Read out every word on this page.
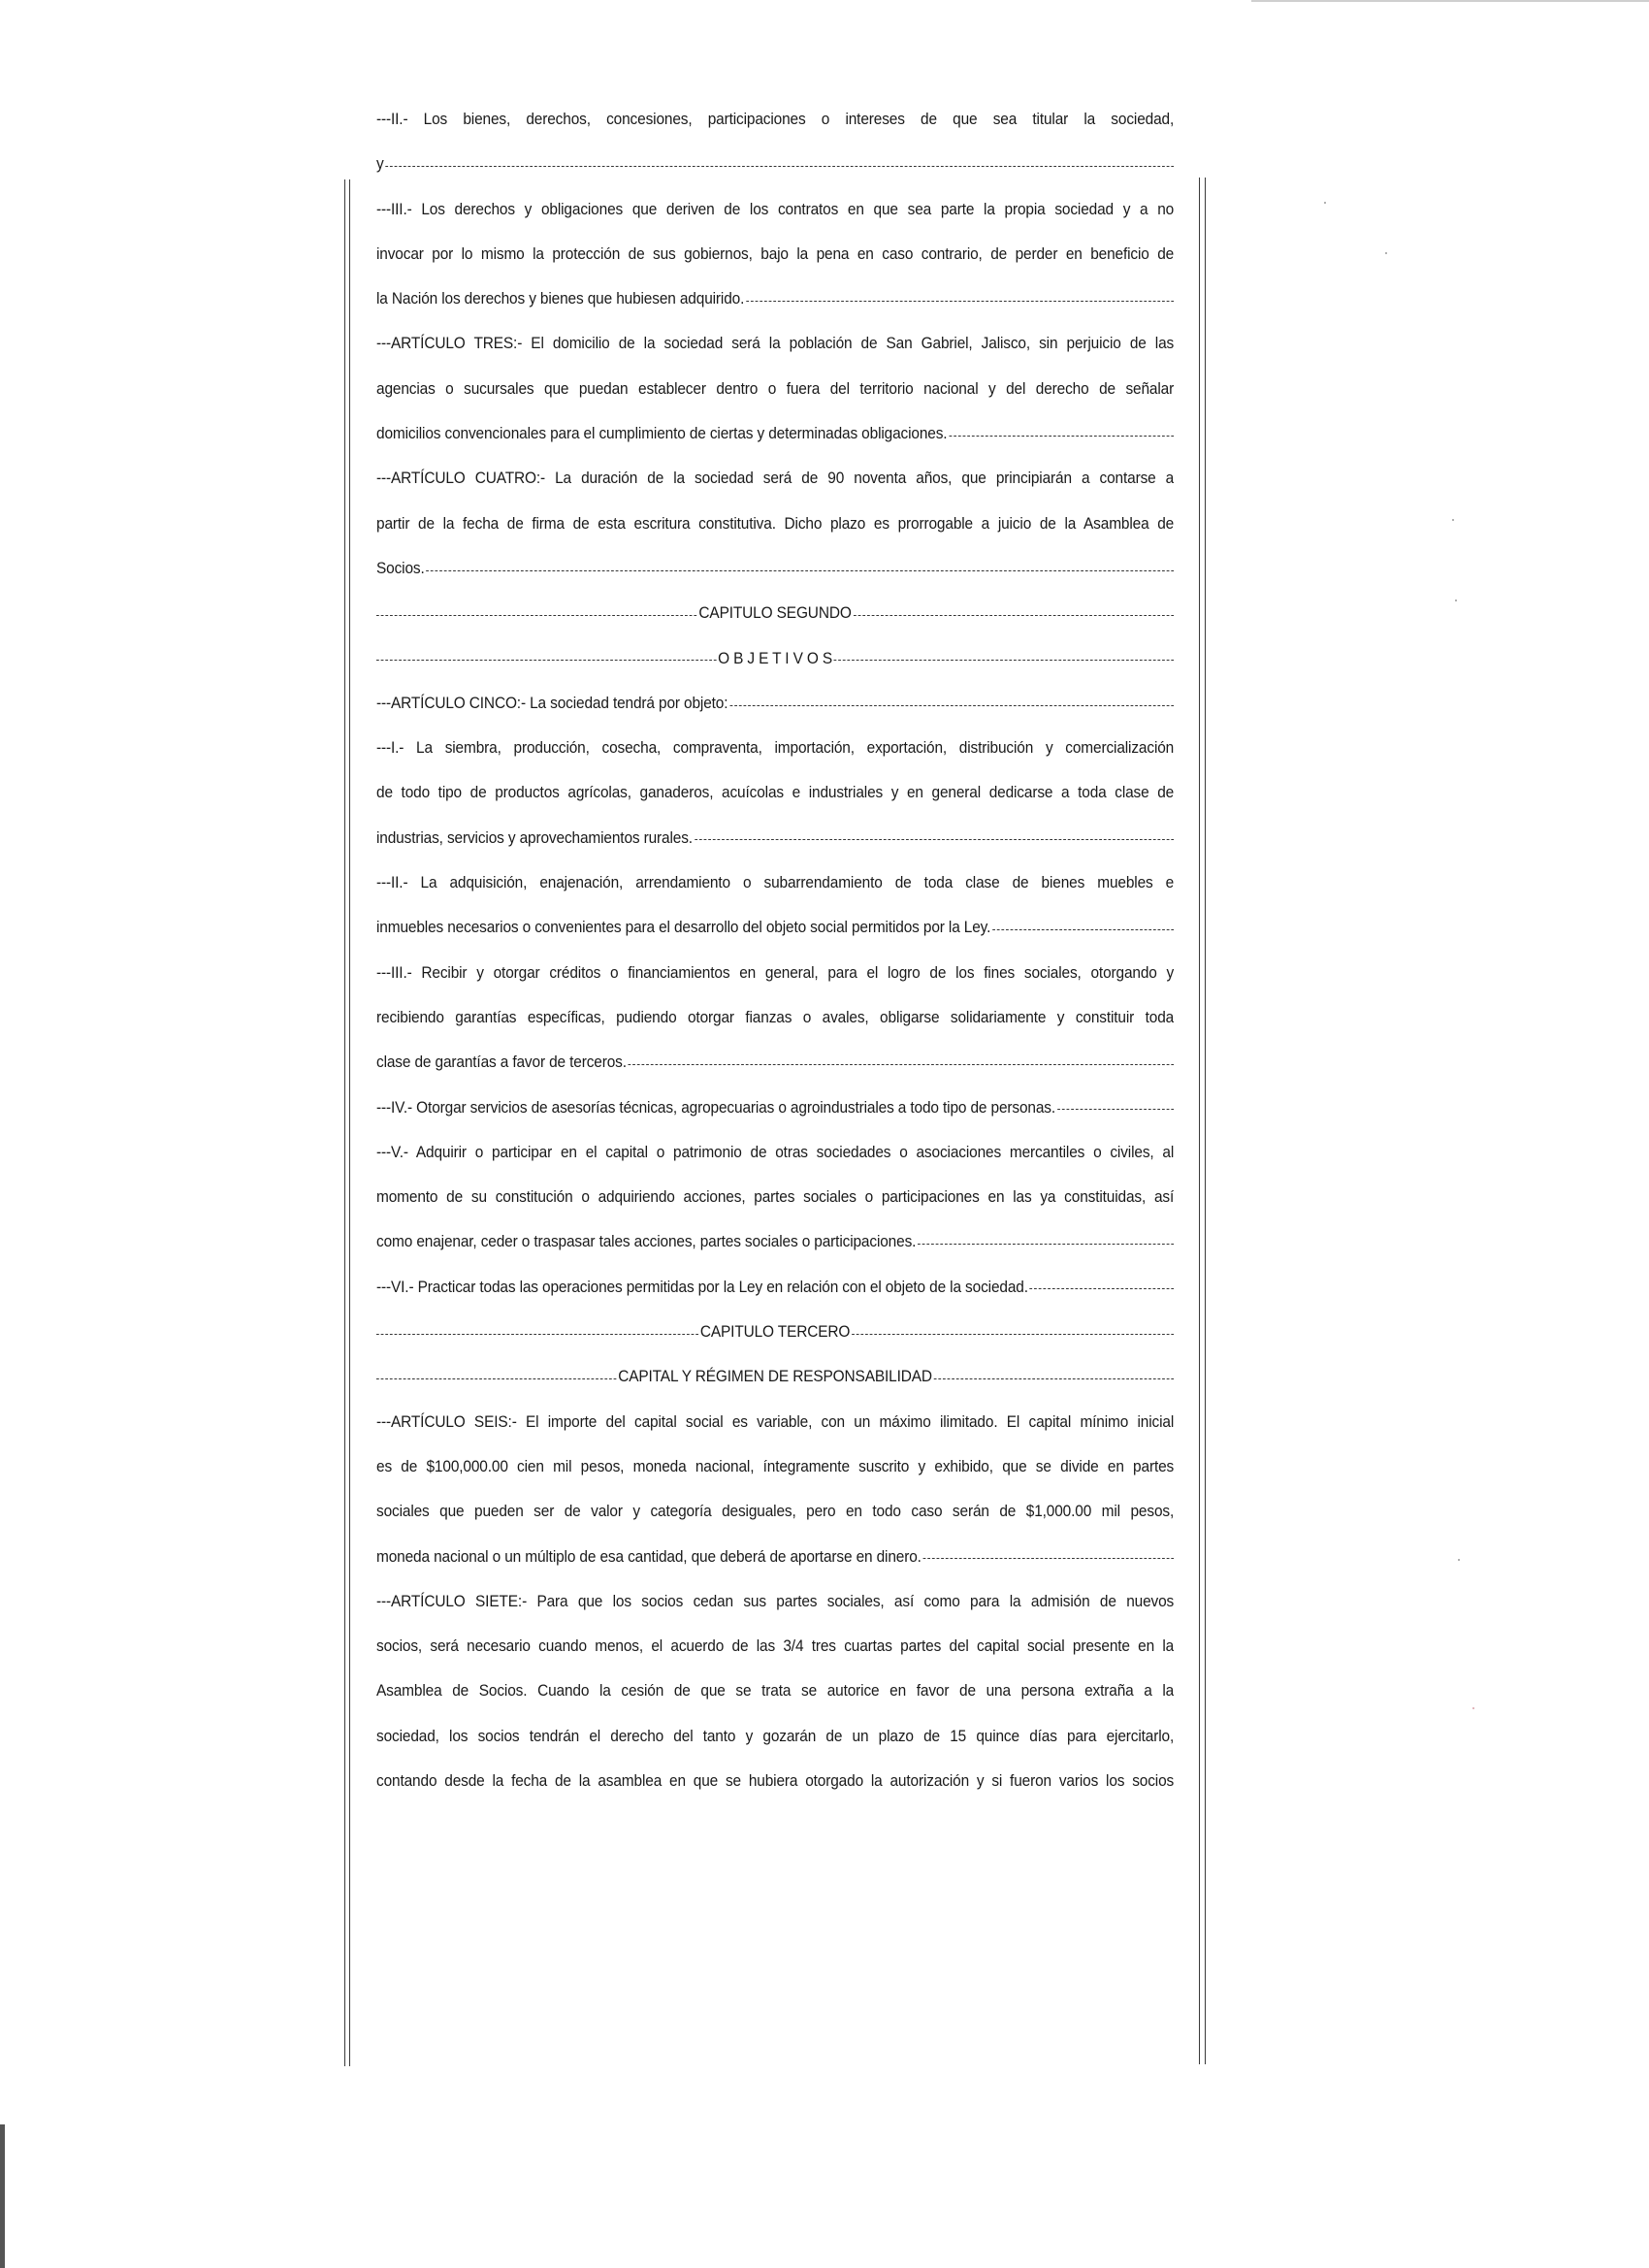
---II.- Los bienes, derechos, concesiones, participaciones o intereses de que sea titular la sociedad,
y
---III.- Los derechos y obligaciones que deriven de los contratos en que sea parte la propia sociedad y a no
invocar por lo mismo la protección de sus gobiernos, bajo la pena en caso contrario, de perder en beneficio de
la Nación los derechos y bienes que hubiesen adquirido.
---ARTÍCULO TRES:- El domicilio de la sociedad será la población de San Gabriel, Jalisco, sin perjuicio de las
agencias o sucursales que puedan establecer dentro o fuera del territorio nacional y del derecho de señalar
domicilios convencionales para el cumplimiento de ciertas y determinadas obligaciones.
---ARTÍCULO CUATRO:- La duración de la sociedad será de 90 noventa años, que principiarán a contarse a
partir de la fecha de firma de esta escritura constitutiva. Dicho plazo es prorrogable a juicio de la Asamblea de
Socios.
CAPITULO SEGUNDO
O B J E T I V O S
---ARTÍCULO CINCO:- La sociedad tendrá por objeto:
---I.- La siembra, producción, cosecha, compraventa, importación, exportación, distribución y comercialización
de todo tipo de productos agrícolas, ganaderos, acuícolas e industriales y en general dedicarse a toda clase de
industrias, servicios y aprovechamientos rurales.
---II.- La adquisición, enajenación, arrendamiento o subarrendamiento de toda clase de bienes muebles e
inmuebles necesarios o convenientes para el desarrollo del objeto social permitidos por la Ley.
---III.- Recibir y otorgar créditos o financiamientos en general, para el logro de los fines sociales, otorgando y
recibiendo garantías específicas, pudiendo otorgar fianzas o avales, obligarse solidariamente y constituir toda
clase de garantías a favor de terceros.
---IV.- Otorgar servicios de asesorías técnicas, agropecuarias o agroindustriales a todo tipo de personas.
---V.- Adquirir o participar en el capital o patrimonio de otras sociedades o asociaciones mercantiles o civiles, al
momento de su constitución o adquiriendo acciones, partes sociales o participaciones en las ya constituidas, así
como enajenar, ceder o traspasar tales acciones, partes sociales o participaciones.
---VI.- Practicar todas las operaciones permitidas por la Ley en relación con el objeto de la sociedad.
CAPITULO TERCERO
CAPITAL Y RÉGIMEN DE RESPONSABILIDAD
---ARTÍCULO SEIS:- El importe del capital social es variable, con un máximo ilimitado. El capital mínimo inicial
es de $100,000.00 cien mil pesos, moneda nacional, íntegramente suscrito y exhibido, que se divide en partes
sociales que pueden ser de valor y categoría desiguales, pero en todo caso serán de $1,000.00 mil pesos,
moneda nacional o un múltiplo de esa cantidad, que deberá de aportarse en dinero.
---ARTÍCULO SIETE:- Para que los socios cedan sus partes sociales, así como para la admisión de nuevos
socios, será necesario cuando menos, el acuerdo de las 3/4 tres cuartas partes del capital social presente en la
Asamblea de Socios. Cuando la cesión de que se trata se autorice en favor de una persona extraña a la
sociedad, los socios tendrán el derecho del tanto y gozarán de un plazo de 15 quince días para ejercitarlo,
contando desde la fecha de la asamblea en que se hubiera otorgado la autorización y si fueron varios los socios
